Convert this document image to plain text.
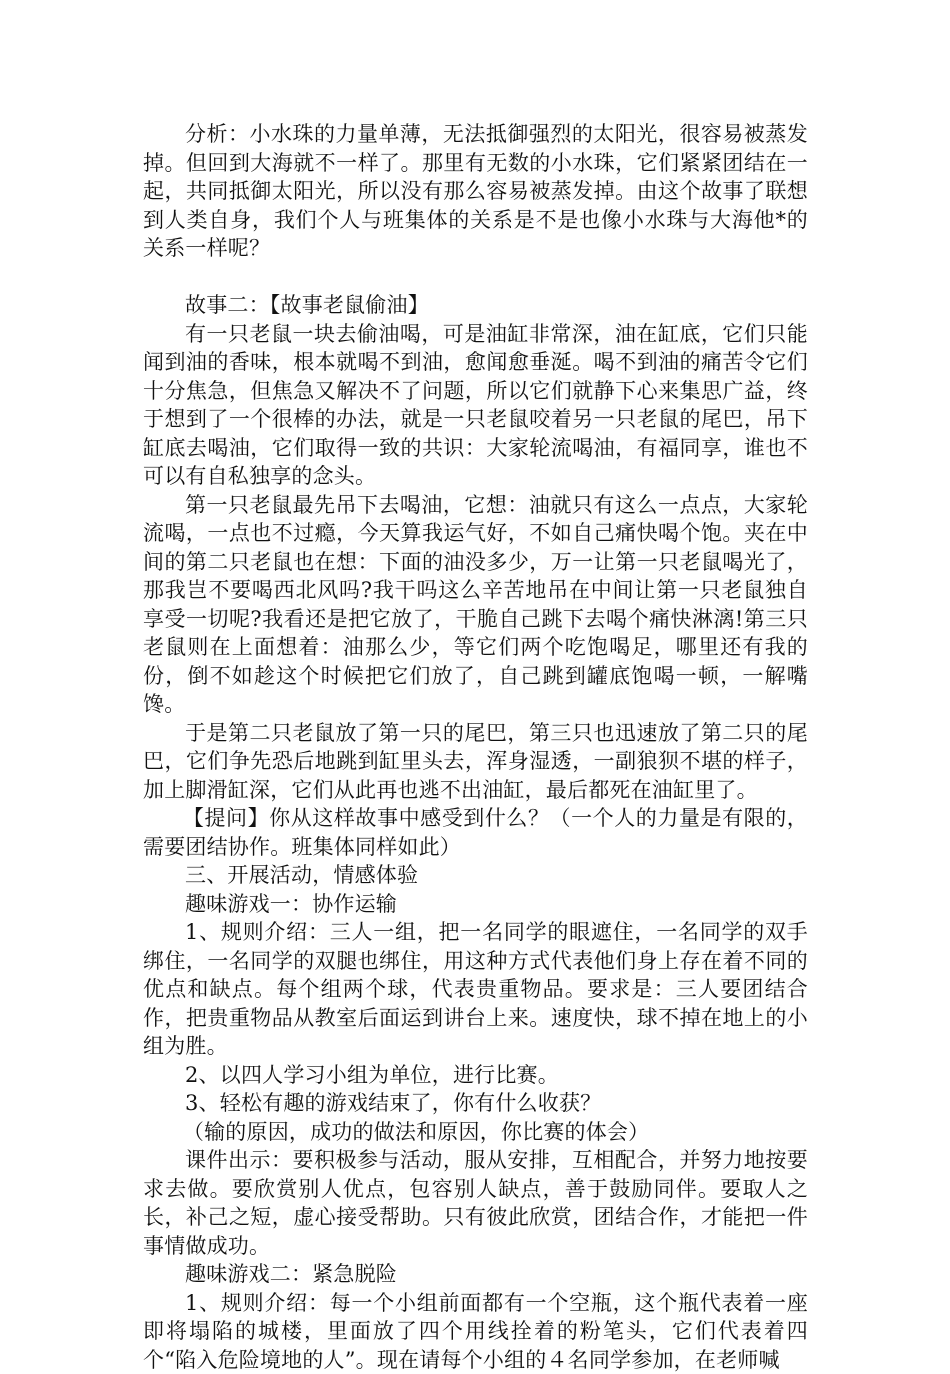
分析：小水珠的力量单薄，无法抵御强烈的太阳光，很容易被蒸发掉。但回到大海就不一样了。那里有无数的小水珠，它们紧紧团结在一起，共同抵御太阳光，所以没有那么容易被蒸发掉。由这个故事了联想到人类自身，我们个人与班集体的关系是不是也像小水珠与大海他*的关系一样呢？

故事二：【故事老鼠偷油】

有一只老鼠一块去偷油喝，可是油缸非常深，油在缸底，它们只能闻到油的香味，根本就喝不到油，愈闻愈垂涎。喝不到油的痛苦令它们十分焦急，但焦急又解决不了问题，所以它们就静下心来集思广益，终于想到了一个很棒的办法，就是一只老鼠咬着另一只老鼠的尾巴，吊下缸底去喝油，它们取得一致的共识：大家轮流喝油，有福同享，谁也不可以有自私独享的念头。

第一只老鼠最先吊下去喝油，它想：油就只有这么一点点，大家轮流喝，一点也不过瘾，今天算我运气好，不如自己痛快喝个饱。夹在中间的第二只老鼠也在想：下面的油没多少，万一让第一只老鼠喝光了，那我岂不要喝西北风吗?我干吗这么辛苦地吊在中间让第一只老鼠独自享受一切呢?我看还是把它放了，干脆自己跳下去喝个痛快淋漓!第三只老鼠则在上面想着：油那么少，等它们两个吃饱喝足，哪里还有我的份，倒不如趁这个时候把它们放了，自己跳到罐底饱喝一顿，一解嘴馋。

于是第二只老鼠放了第一只的尾巴，第三只也迅速放了第二只的尾巴，它们争先恐后地跳到缸里头去，浑身湿透，一副狼狈不堪的样子，加上脚滑缸深，它们从此再也逃不出油缸，最后都死在油缸里了。

【提问】你从这样故事中感受到什么？（一个人的力量是有限的，需要团结协作。班集体同样如此）

三、开展活动，情感体验

趣味游戏一：协作运输

1、规则介绍：三人一组，把一名同学的眼遮住，一名同学的双手绑住，一名同学的双腿也绑住，用这种方式代表他们身上存在着不同的优点和缺点。每个组两个球，代表贵重物品。要求是：三人要团结合作，把贵重物品从教室后面运到讲台上来。速度快，球不掉在地上的小组为胜。

2、以四人学习小组为单位，进行比赛。

3、轻松有趣的游戏结束了，你有什么收获？

（输的原因，成功的做法和原因，你比赛的体会）

课件出示：要积极参与活动，服从安排，互相配合，并努力地按要求去做。要欣赏别人优点，包容别人缺点，善于鼓励同伴。要取人之长，补己之短，虚心接受帮助。只有彼此欣赏，团结合作，才能把一件事情做成功。

趣味游戏二：紧急脱险

1、规则介绍：每一个小组前面都有一个空瓶，这个瓶代表着一座即将塌陷的城楼，里面放了四个用线拴着的粉笔头，它们代表着四个“陷入危险境地的人”。现在请每个小组的４名同学参加，在老师喊
